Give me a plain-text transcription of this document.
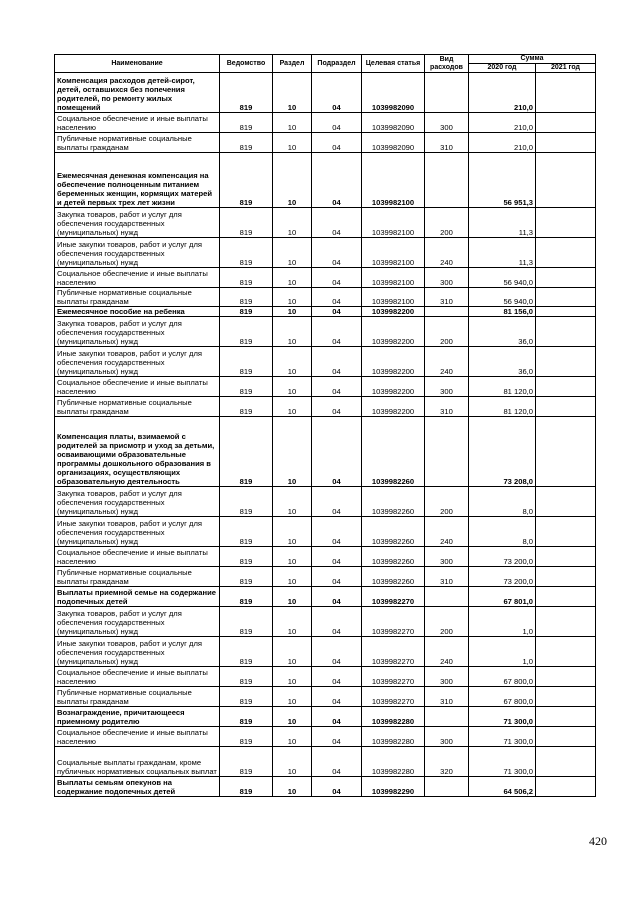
Наименование	Ведомство	Раздел	Подраздел	Целевая статья	Вид расходов	Сумма	
						2020 год	2021 год
Компенсация расходов детей-сирот, детей, оставшихся без попечения родителей, по ремонту жилых помещений	819	10	04	1039982090		210,0	
Социальное обеспечение и иные выплаты населению	819	10	04	1039982090	300	210,0	
Публичные нормативные социальные выплаты гражданам	819	10	04	1039982090	310	210,0	
Ежемесячная денежная компенсация на обеспечение полноценным питанием беременных женщин, кормящих матерей и детей первых трех лет жизни	819	10	04	1039982100		56 951,3	
Закупка товаров, работ и услуг для обеспечения государственных (муниципальных) нужд	819	10	04	1039982100	200	11,3	
Иные закупки товаров, работ и услуг для обеспечения государственных (муниципальных) нужд	819	10	04	1039982100	240	11,3	
Социальное обеспечение и иные выплаты населению	819	10	04	1039982100	300	56 940,0	
Публичные нормативные социальные выплаты гражданам	819	10	04	1039982100	310	56 940,0	
Ежемесячное пособие на ребенка	819	10	04	1039982200		81 156,0	
Закупка товаров, работ и услуг для обеспечения государственных (муниципальных) нужд	819	10	04	1039982200	200	36,0	
Иные закупки товаров, работ и услуг для обеспечения государственных (муниципальных) нужд	819	10	04	1039982200	240	36,0	
Социальное обеспечение и иные выплаты населению	819	10	04	1039982200	300	81 120,0	
Публичные нормативные социальные выплаты гражданам	819	10	04	1039982200	310	81 120,0	
Компенсация платы, взимаемой с родителей за присмотр и уход за детьми, осваивающими образовательные программы дошкольного образования в организациях, осуществляющих образовательную деятельность	819	10	04	1039982260		73 208,0	
Закупка товаров, работ и услуг для обеспечения государственных (муниципальных) нужд	819	10	04	1039982260	200	8,0	
Иные закупки товаров, работ и услуг для обеспечения государственных (муниципальных) нужд	819	10	04	1039982260	240	8,0	
Социальное обеспечение и иные выплаты населению	819	10	04	1039982260	300	73 200,0	
Публичные нормативные социальные выплаты гражданам	819	10	04	1039982260	310	73 200,0	
Выплаты приемной семье на содержание подопечных детей	819	10	04	1039982270		67 801,0	
Закупка товаров, работ и услуг для обеспечения государственных (муниципальных) нужд	819	10	04	1039982270	200	1,0	
Иные закупки товаров, работ и услуг для обеспечения государственных (муниципальных) нужд	819	10	04	1039982270	240	1,0	
Социальное обеспечение и иные выплаты населению	819	10	04	1039982270	300	67 800,0	
Публичные нормативные социальные выплаты гражданам	819	10	04	1039982270	310	67 800,0	
Вознаграждение, причитающееся приемному родителю	819	10	04	1039982280		71 300,0	
Социальное обеспечение и иные выплаты населению	819	10	04	1039982280	300	71 300,0	
Социальные выплаты гражданам, кроме публичных нормативных социальных выплат	819	10	04	1039982280	320	71 300,0	
Выплаты семьям опекунов на содержание подопечных детей	819	10	04	1039982290		64 506,2	
420
